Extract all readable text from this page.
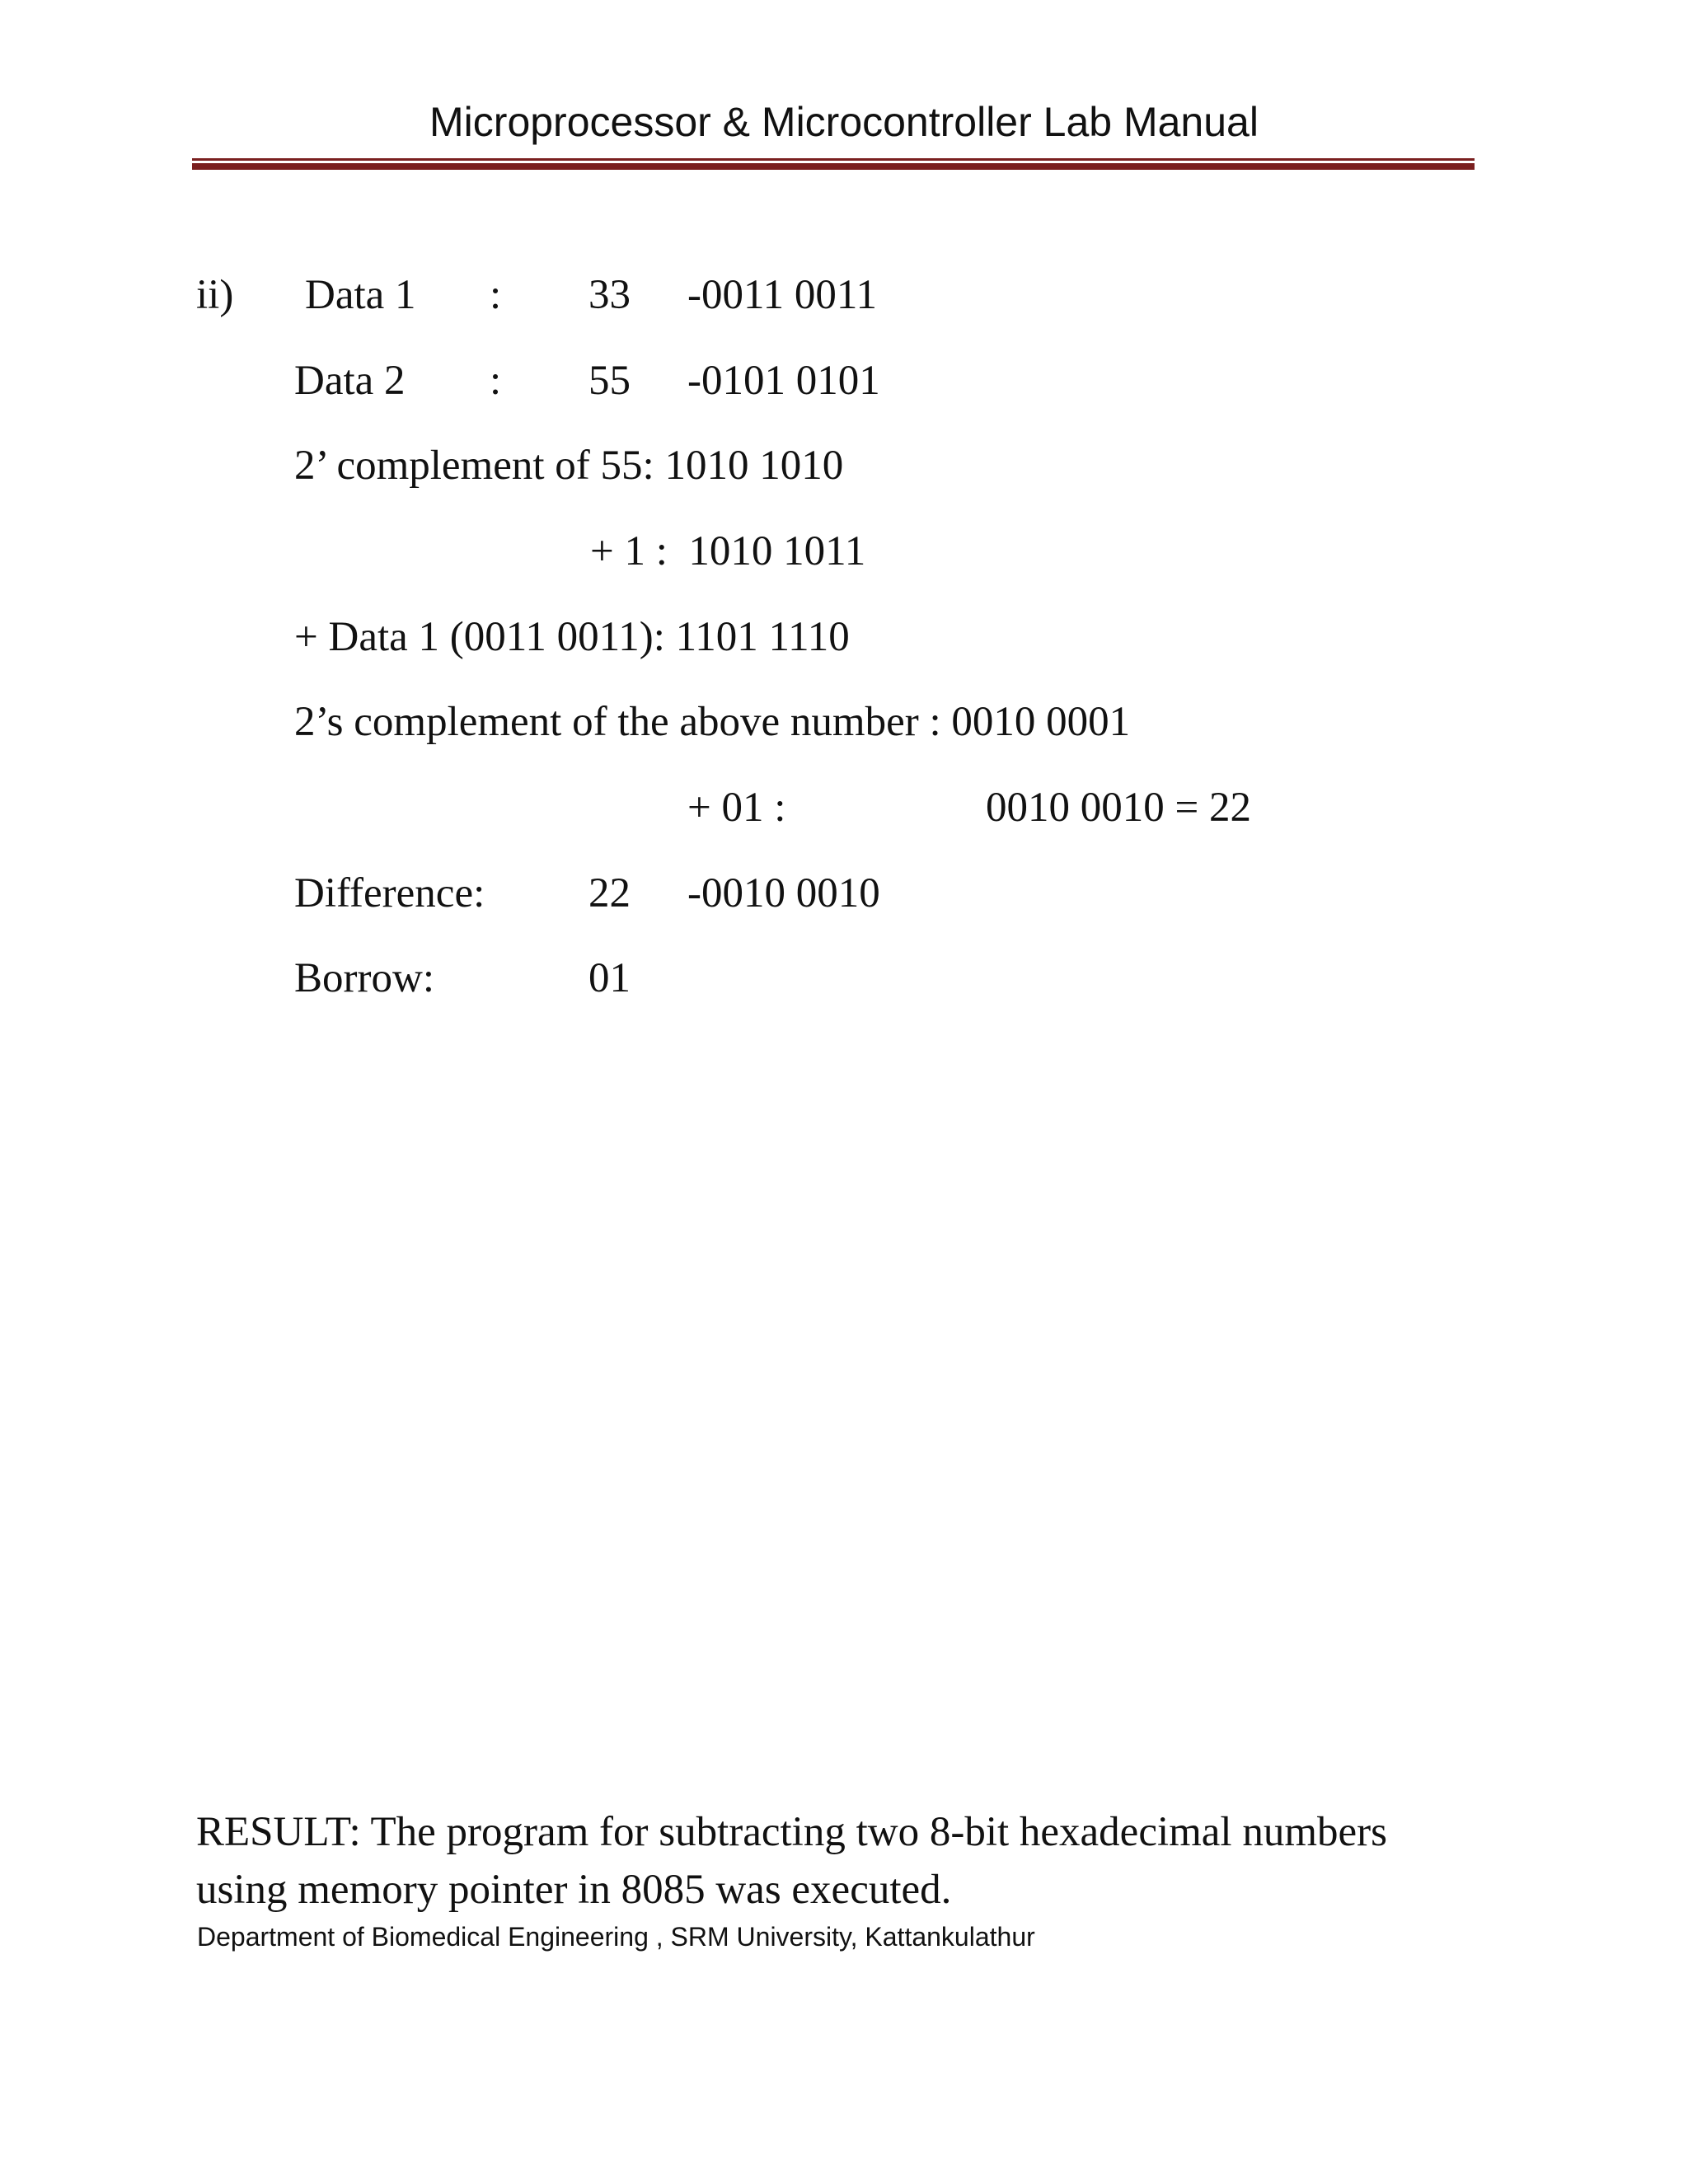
Microprocessor & Microcontroller Lab Manual
ii) Data 1 : 33 -0011 0011
Data 2 : 55 -0101 0101
2’ complement of 55: 1010 1010
+ 1 :  1010 1011
+ Data 1 (0011 0011): 1101 1110
2’s complement of the above number : 0010 0001
+ 01 :	0010 0010 = 22
Difference: 22 -0010 0010
Borrow:	01
RESULT: The program for subtracting two 8-bit hexadecimal numbers using memory pointer in 8085 was executed.
Department of Biomedical Engineering , SRM University, Kattankulathur
